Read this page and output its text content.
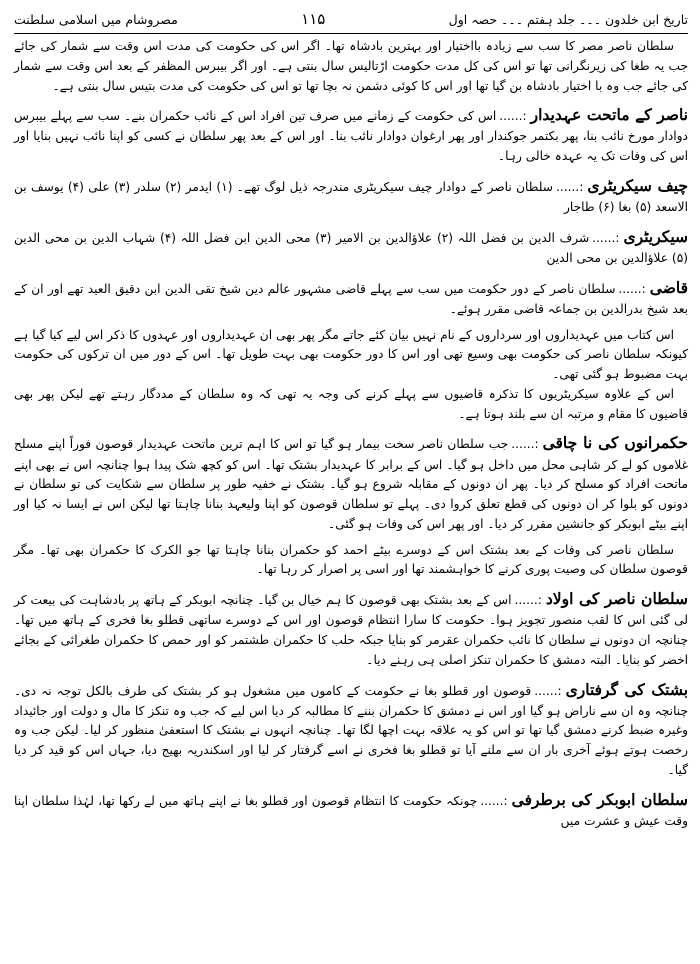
تاریخ ابن خلدون ۔۔۔ جلد ہفتم ۔۔۔ حصہ اول
۱۱۵
مصروشام میں اسلامی سلطنت

سلطان ناصر مصر کا سب سے زیادہ بااختیار اور بہترین بادشاہ تھا۔ اگر اس کی حکومت کی مدت اس وقت سے شمار کی جائے جب یہ طغا کی زیرنگرانی تھا تو اس کی کل مدت حکومت اڑتالیس سال بنتی ہے۔ اور اگر بیبرس المظفر کے بعد اس وقت سے شمار کی جائے جب وہ با اختیار بادشاہ بن گیا تھا اور اس کا کوئی دشمن نہ بچا تھا تو اس کی حکومت کی مدت بتیس سال بنتی ہے۔

ناصر کے ماتحت عہدیدار:......اس کی حکومت کے زمانے میں صرف تین افراد اس کے نائب حکمران بنے۔ سب سے پہلے بیبرس دوادار مورخ نائب بنا، پھر بکتمر جوکندار اور پھر ارغوان دوادار نائب بنا۔ اور اس کے بعد پھر سلطان نے کسی کو اپنا نائب نہیں بنایا اور اس کی وفات تک یہ عہدہ خالی رہا۔

چیف سیکریٹری:......سلطان ناصر کے دوادار چیف سیکریٹری مندرجہ ذیل لوگ تھے۔ (۱) ایدمر (۲) سلدر (۳) علی (۴) یوسف بن الاسعد (۵) بغا (۶) طاجار

سیکریٹری:......شرف الدین بن فضل اللہ (۲) علاؤالدین بن الامیر (۳) محی الدین ابن فضل اللہ (۴) شہاب الدین بن محی الدین (۵) علاؤالدین بن محی الدین

قاضی:......سلطان ناصر کے دور حکومت میں سب سے پہلے قاضی مشہور عالم دین شیخ تقی الدین ابن دقیق العید تھے اور ان کے بعد شیخ بدرالدین بن جماعہ قاضی مقرر ہوئے۔

اس کتاب میں عہدیداروں اور سرداروں کے نام نہیں بیان کئے جاتے مگر پھر بھی ان عہدیداروں اور عہدوں کا ذکر اس لیے کیا گیا ہے کیونکہ سلطان ناصر کی حکومت بھی وسیع تھی اور اس کا دور حکومت بھی بہت طویل تھا۔ اس کے دور میں ان ترکوں کی حکومت بہت مضبوط ہو گئی تھی۔

اس کے علاوہ سیکریٹریوں کا تذکرہ قاضیوں سے پہلے کرنے کی وجہ یہ تھی کہ وہ سلطان کے مددگار رہتے تھے لیکن پھر بھی قاضیوں کا مقام و مرتبہ ان سے بلند ہوتا ہے۔

حکمرانوں کی نا چاقی:......جب سلطان ناصر سخت بیمار ہو گیا تو اس کا اہم ترین ماتحت عہدیدار قوصون فوراً اپنے مسلح غلاموں کو لے کر شاہی محل میں داخل ہو گیا۔ اس کے برابر کا عہدیدار بشتک تھا۔ اس کو کچھ شک پیدا ہوا چنانچہ اس نے بھی اپنے ماتحت افراد کو مسلح کر دیا۔ پھر ان دونوں کے مقابلہ شروع ہو گیا۔ بشتک نے خفیہ طور پر سلطان سے شکایت کی تو سلطان نے دونوں کو بلوا کر ان دونوں کی قطع تعلق کروا دی۔ پہلے تو سلطان قوصون کو اپنا ولیعہد بنانا چاہتا تھا لیکن اس نے ایسا نہ کیا اور اپنے بیٹے ابوبکر کو جانشین مقرر کر دیا۔ اور پھر اس کی وفات ہو گئی۔

سلطان ناصر کی وفات کے بعد بشتک اس کے دوسرے بیٹے احمد کو حکمران بنانا چاہتا تھا جو الکرک کا حکمران بھی تھا۔ مگر قوصون سلطان کی وصیت پوری کرنے کا خواہشمند تھا اور اسی پر اصرار کر رہا تھا۔

سلطان ناصر کی اولاد:......اس کے بعد بشتک بھی قوصون کا ہم خیال بن گیا۔ چنانچہ ابوبکر کے ہاتھ پر بادشاہت کی بیعت کر لی گئی اس کا لقب منصور تجویز ہوا۔ حکومت کا سارا انتظام قوصون اور اس کے دوسرے ساتھی قطلو بغا فخری کے ہاتھ میں تھا۔ چنانچہ ان دونوں نے سلطان کا نائب حکمران عقرمر کو بنایا جبکہ حلب کا حکمران طشتمر کو اور حمص کا حکمران طغرائی کے بجائے اخضر کو بنایا۔ البتہ دمشق کا حکمران تنکز اصلی ہی رہنے دیا۔

بشتک کی گرفتاری:......قوصون اور قطلو بغا نے حکومت کے کاموں میں مشغول ہو کر بشتک کی طرف بالکل توجہ نہ دی۔ چنانچہ وہ ان سے ناراض ہو گیا اور اس نے دمشق کا حکمران بننے کا مطالبہ کر دیا اس لیے کہ جب وہ تنکز کا مال و دولت اور جائیداد وغیرہ ضبط کرنے دمشق گیا تھا تو اس کو یہ علاقہ بہت اچھا لگا تھا۔ چنانچہ انہوں نے بشتک کا استعفیٰ منظور کر لیا۔ لیکن جب وہ رخصت ہوتے ہوئے آخری بار ان سے ملنے آیا تو قطلو بغا فخری نے اسے گرفتار کر لیا اور اسکندریہ بھیج دیا، جہاں اس کو قید کر دیا گیا۔

سلطان ابوبکر کی برطرفی:......چونکہ حکومت کا انتظام قوصون اور قطلو بغا نے اپنے ہاتھ میں لے رکھا تھا، لہٰذا سلطان اپنا وقت عیش و عشرت میں
